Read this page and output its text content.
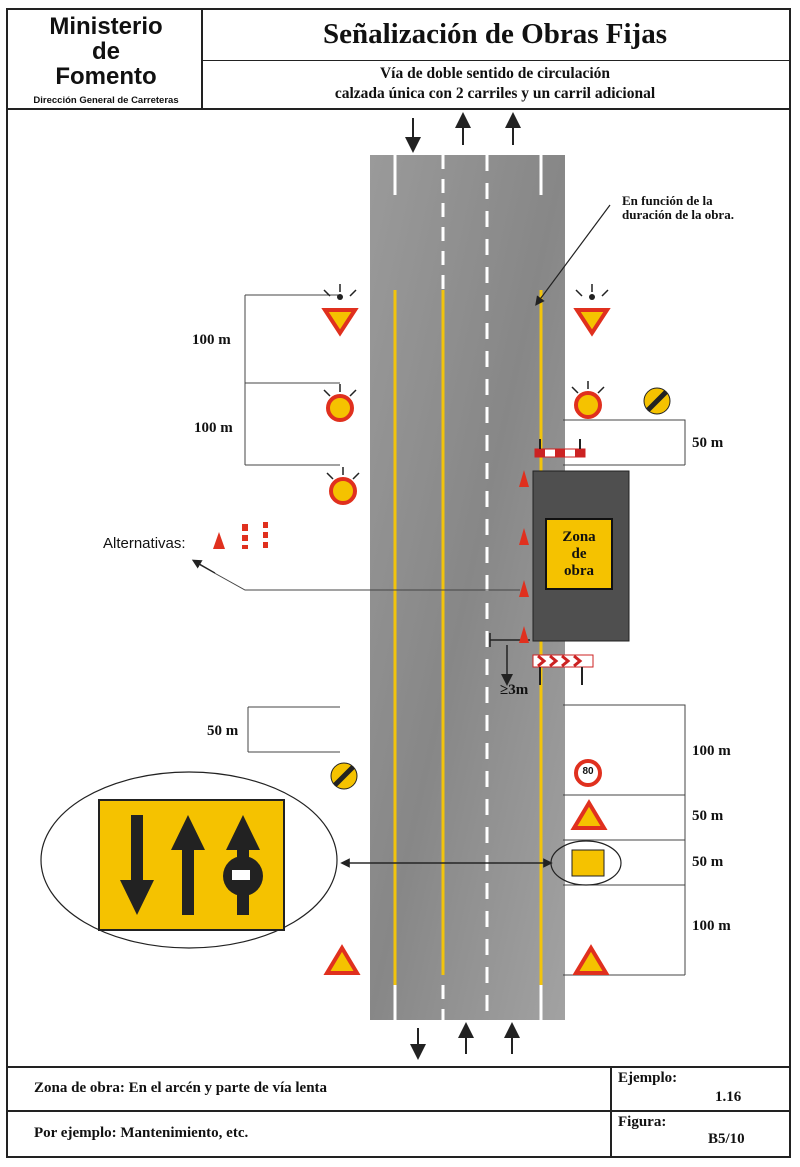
Ministerio
de
Fomento
Dirección General de Carreteras
Señalización de Obras Fijas
Vía de doble sentido de circulación
calzada única con 2 carriles y un carril adicional
80
100 m
100 m
50 m
50 m
100 m
50 m
50 m
100 m
En función de la
duración de la obra.
Alternativas:
≥3m
Zona
de
obra
Zona de obra: En el arcén y parte de vía lenta
Por ejemplo: Mantenimiento, etc.
Ejemplo:
1.16
Figura:
B5/10
